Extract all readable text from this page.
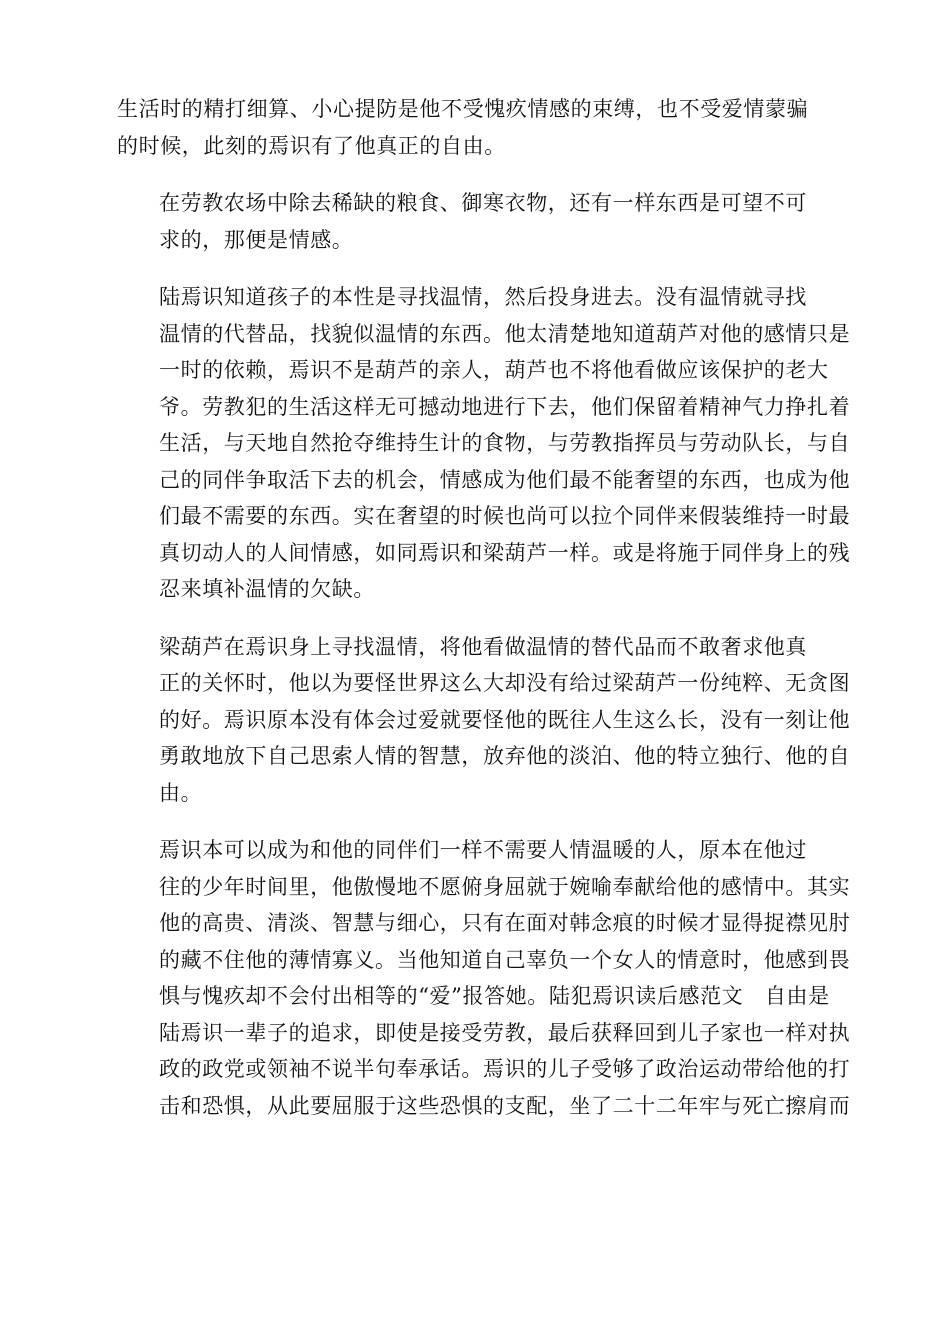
生活时的精打细算、小心提防是他不受愧疚情感的束缚，也不受爱情蒙骗
的时候，此刻的焉识有了他真正的自由。

在劳教农场中除去稀缺的粮食、御寒衣物，还有一样东西是可望不可
求的，那便是情感。

陆焉识知道孩子的本性是寻找温情，然后投身进去。没有温情就寻找
温情的代替品，找貌似温情的东西。他太清楚地知道葫芦对他的感情只是
一时的依赖，焉识不是葫芦的亲人，葫芦也不将他看做应该保护的老大
爷。劳教犯的生活这样无可撼动地进行下去，他们保留着精神气力挣扎着
生活，与天地自然抢夺维持生计的食物，与劳教指挥员与劳动队长，与自
己的同伴争取活下去的机会，情感成为他们最不能奢望的东西，也成为他
们最不需要的东西。实在奢望的时候也尚可以拉个同伴来假装维持一时最
真切动人的人间情感，如同焉识和梁葫芦一样。或是将施于同伴身上的残
忍来填补温情的欠缺。

梁葫芦在焉识身上寻找温情，将他看做温情的替代品而不敢奢求他真
正的关怀时，他以为要怪世界这么大却没有给过梁葫芦一份纯粹、无贪图
的好。焉识原本没有体会过爱就要怪他的既往人生这么长，没有一刻让他
勇敢地放下自己思索人情的智慧，放弃他的淡泊、他的特立独行、他的自
由。

焉识本可以成为和他的同伴们一样不需要人情温暖的人，原本在他过
往的少年时间里，他傲慢地不愿俯身屈就于婉喻奉献给他的感情中。其实
他的高贵、清淡、智慧与细心，只有在面对韩念痕的时候才显得捉襟见肘
的藏不住他的薄情寡义。当他知道自己辜负一个女人的情意时，他感到畏
惧与愧疚却不会付出相等的“爱”报答她。陆犯焉识读后感范文　自由是
陆焉识一辈子的追求，即使是接受劳教，最后获释回到儿子家也一样对执
政的政党或领袖不说半句奉承话。焉识的儿子受够了政治运动带给他的打
击和恐惧，从此要屈服于这些恐惧的支配，坐了二十二年牢与死亡擦肩而
